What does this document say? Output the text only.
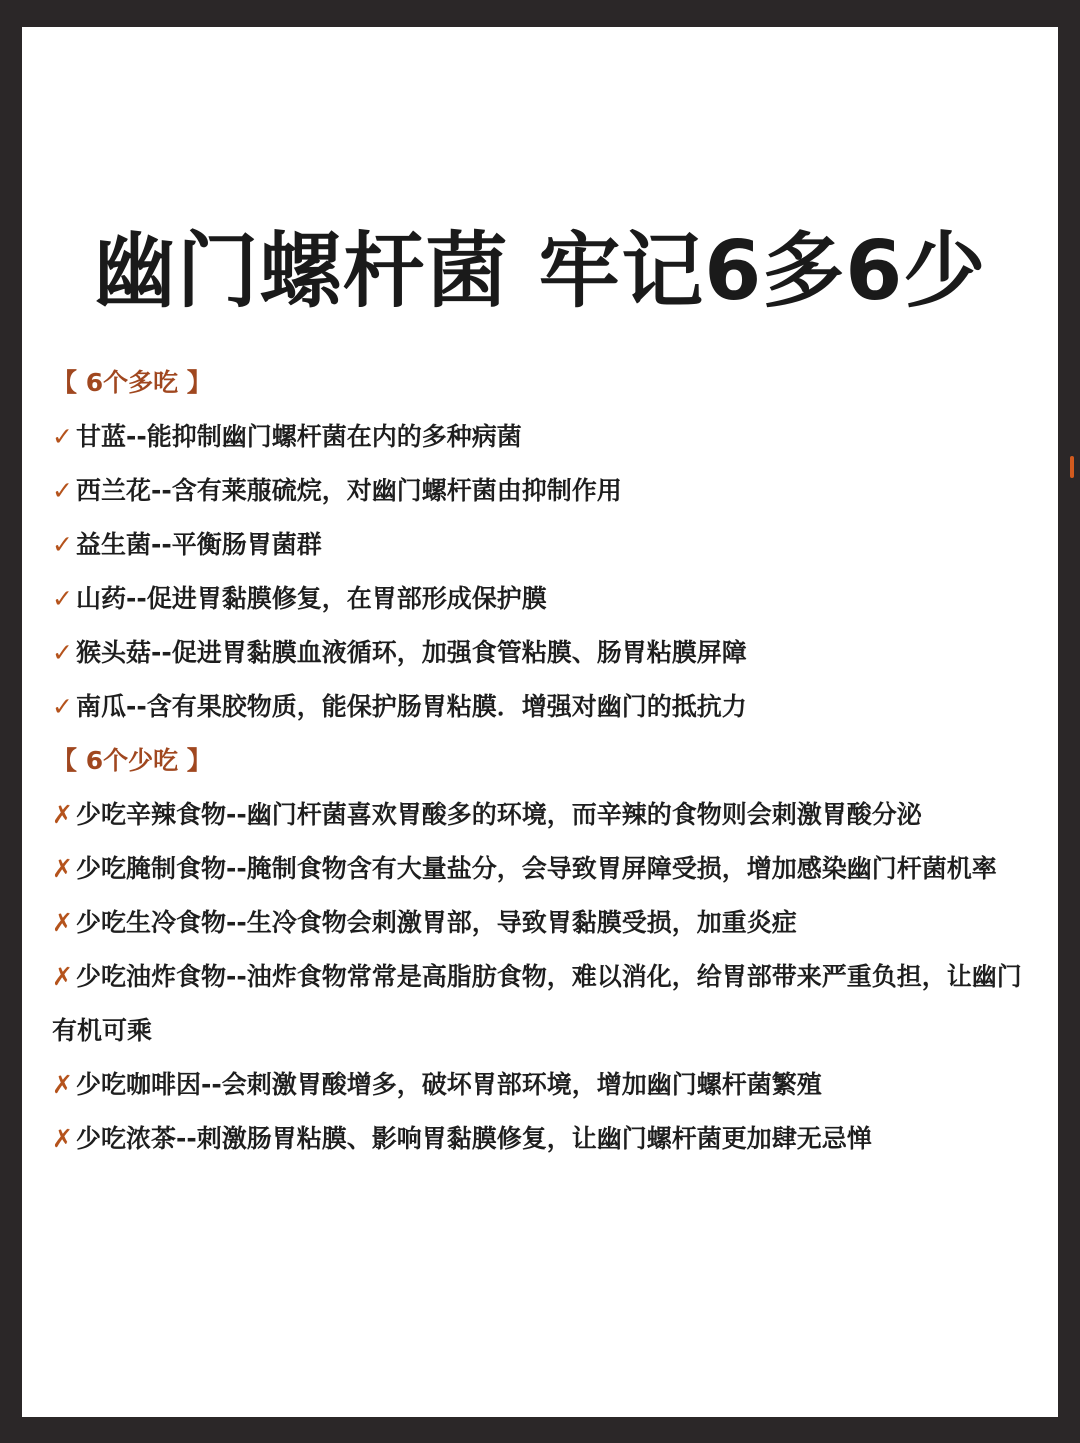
幽门螺杆菌 牢记6多6少
【 6个多吃 】
✓ 甘蓝--能抑制幽门螺杆菌在内的多种病菌
✓ 西兰花--含有莱菔硫烷，对幽门螺杆菌由抑制作用
✓ 益生菌--平衡肠胃菌群
✓ 山药--促进胃黏膜修复，在胃部形成保护膜
✓ 猴头菇--促进胃黏膜血液循环，加强食管粘膜、肠胃粘膜屏障
✓ 南瓜--含有果胶物质，能保护肠胃粘膜．增强对幽门的抵抗力
【 6个少吃 】
✗ 少吃辛辣食物--幽门杆菌喜欢胃酸多的环境，而辛辣的食物则会刺激胃酸分泌
✗ 少吃腌制食物--腌制食物含有大量盐分，会导致胃屏障受损，增加感染幽门杆菌机率
✗ 少吃生冷食物--生冷食物会刺激胃部，导致胃黏膜受损，加重炎症
✗ 少吃油炸食物--油炸食物常常是高脂肪食物，难以消化，给胃部带来严重负担，让幽门有机可乘
✗ 少吃咖啡因--会刺激胃酸增多，破坏胃部环境，增加幽门螺杆菌繁殖
✗ 少吃浓茶--刺激肠胃粘膜、影响胃黏膜修复，让幽门螺杆菌更加肆无忌惮
